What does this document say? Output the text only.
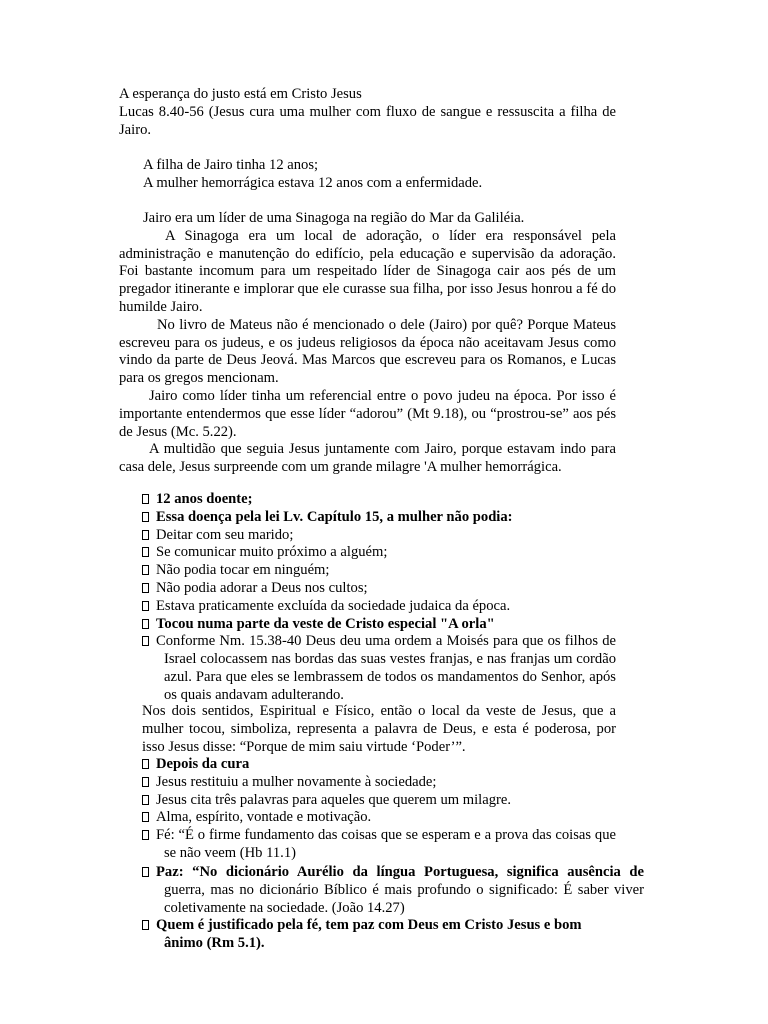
A esperança do justo está em Cristo Jesus

Lucas 8.40-56 (Jesus cura uma mulher com fluxo de sangue e ressuscita a filha de Jairo.

A filha de Jairo tinha 12 anos;

A mulher hemorrágica estava 12 anos com a enfermidade.

Jairo era um líder de uma Sinagoga na região do Mar da Galiléia.

A Sinagoga era um local de adoração, o líder era responsável pela administração e manutenção do edifício, pela educação e supervisão da adoração. Foi bastante incomum para um respeitado líder de Sinagoga cair aos pés de um pregador itinerante e implorar que ele curasse sua filha, por isso Jesus honrou a fé do humilde Jairo.

No livro de Mateus não é mencionado o dele (Jairo) por quê? Porque Mateus escreveu para os judeus, e os judeus religiosos da época não aceitavam Jesus como vindo da parte de Deus Jeová. Mas Marcos que escreveu para os Romanos, e Lucas para os gregos mencionam.

Jairo como líder tinha um referencial entre o povo judeu na época. Por isso é importante entendermos que esse líder “adorou” (Mt 9.18), ou “prostrou-se” aos pés de Jesus (Mc. 5.22).

A multidão que seguia Jesus juntamente com Jairo, porque estavam indo para casa dele, Jesus surpreende com um grande milagre 'A mulher hemorrágica.

12 anos doente;

Essa doença pela lei Lv. Capítulo 15, a mulher não podia:

Deitar com seu marido;

Se comunicar muito próximo a alguém;

Não podia tocar em ninguém;

Não podia adorar a Deus nos cultos;

Estava praticamente excluída da sociedade judaica da época.

Tocou numa parte da veste de Cristo especial "A orla"

Conforme Nm. 15.38-40 Deus deu uma ordem a Moisés para que os filhos de Israel colocassem nas bordas das suas vestes franjas, e nas franjas um cordão azul. Para que eles se lembrassem de todos os mandamentos do Senhor, após os quais andavam adulterando.

Nos dois sentidos, Espiritual e Físico, então o local da veste de Jesus, que a mulher tocou, simboliza, representa a palavra de Deus, e esta é poderosa, por isso Jesus disse: “Porque de mim saiu virtude ‘Poder’”.

Depois da cura

Jesus restituiu a mulher novamente à sociedade;

Jesus cita três palavras para aqueles que querem um milagre.

Alma, espírito, vontade e motivação.

Fé: “É o firme fundamento das coisas que se esperam e a prova das coisas que se não veem (Hb 11.1)

Paz: “No dicionário Aurélio da língua Portuguesa, significa ausência de guerra, mas no dicionário Bíblico é mais profundo o significado: É saber viver coletivamente na sociedade. (João 14.27)

Quem é justificado pela fé, tem paz com Deus em Cristo Jesus e bom ânimo (Rm 5.1).
